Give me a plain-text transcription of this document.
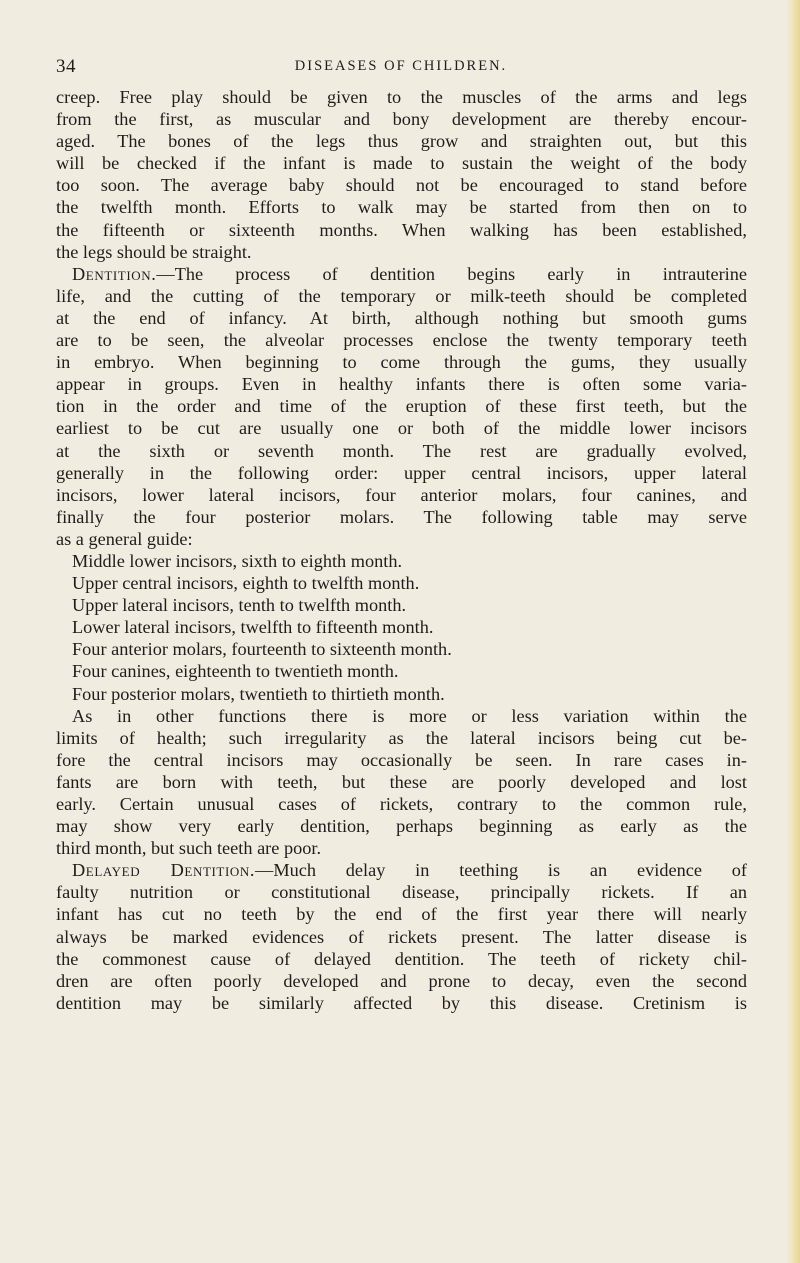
34	DISEASES OF CHILDREN.
creep. Free play should be given to the muscles of the arms and legs
from the first, as muscular and bony development are thereby encour-
aged. The bones of the legs thus grow and straighten out, but this
will be checked if the infant is made to sustain the weight of the body
too soon. The average baby should not be encouraged to stand before
the twelfth month. Efforts to walk may be started from then on to
the fifteenth or sixteenth months. When walking has been established,
the legs should be straight.
Dentition.—The process of dentition begins early in intrauterine
life, and the cutting of the temporary or milk-teeth should be completed
at the end of infancy. At birth, although nothing but smooth gums
are to be seen, the alveolar processes enclose the twenty temporary teeth
in embryo. When beginning to come through the gums, they usually
appear in groups. Even in healthy infants there is often some varia-
tion in the order and time of the eruption of these first teeth, but the
earliest to be cut are usually one or both of the middle lower incisors
at the sixth or seventh month. The rest are gradually evolved,
generally in the following order: upper central incisors, upper lateral
incisors, lower lateral incisors, four anterior molars, four canines, and
finally the four posterior molars. The following table may serve
as a general guide:
Middle lower incisors, sixth to eighth month.
Upper central incisors, eighth to twelfth month.
Upper lateral incisors, tenth to twelfth month.
Lower lateral incisors, twelfth to fifteenth month.
Four anterior molars, fourteenth to sixteenth month.
Four canines, eighteenth to twentieth month.
Four posterior molars, twentieth to thirtieth month.
As in other functions there is more or less variation within the
limits of health; such irregularity as the lateral incisors being cut be-
fore the central incisors may occasionally be seen. In rare cases in-
fants are born with teeth, but these are poorly developed and lost
early. Certain unusual cases of rickets, contrary to the common rule,
may show very early dentition, perhaps beginning as early as the
third month, but such teeth are poor.
Delayed Dentition.—Much delay in teething is an evidence of
faulty nutrition or constitutional disease, principally rickets. If an
infant has cut no teeth by the end of the first year there will nearly
always be marked evidences of rickets present. The latter disease is
the commonest cause of delayed dentition. The teeth of rickety chil-
dren are often poorly developed and prone to decay, even the second
dentition may be similarly affected by this disease. Cretinism is
